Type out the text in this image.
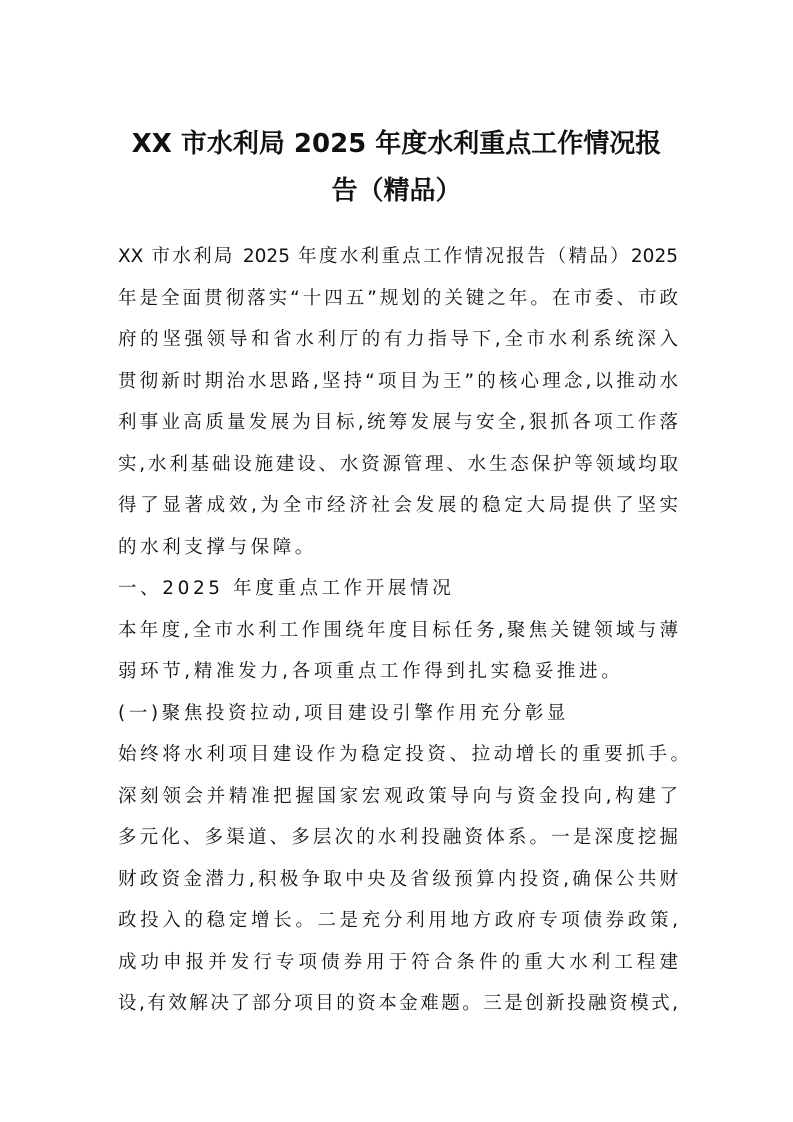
XX 市水利局 2025 年度水利重点工作情况报
告（精品）
XX 市水利局 2025 年度水利重点工作情况报告（精品）2025
年是全面贯彻落实“十四五”规划的关键之年。在市委、市政
府的坚强领导和省水利厅的有力指导下,全市水利系统深入
贯彻新时期治水思路,坚持“项目为王”的核心理念,以推动水
利事业高质量发展为目标,统筹发展与安全,狠抓各项工作落
实,水利基础设施建设、水资源管理、水生态保护等领域均取
得了显著成效,为全市经济社会发展的稳定大局提供了坚实
的水利支撑与保障。
一、2025 年度重点工作开展情况
本年度,全市水利工作围绕年度目标任务,聚焦关键领域与薄
弱环节,精准发力,各项重点工作得到扎实稳妥推进。
(一)聚焦投资拉动,项目建设引擎作用充分彰显
始终将水利项目建设作为稳定投资、拉动增长的重要抓手。
深刻领会并精准把握国家宏观政策导向与资金投向,构建了
多元化、多渠道、多层次的水利投融资体系。一是深度挖掘
财政资金潜力,积极争取中央及省级预算内投资,确保公共财
政投入的稳定增长。二是充分利用地方政府专项债券政策,
成功申报并发行专项债券用于符合条件的重大水利工程建
设,有效解决了部分项目的资本金难题。三是创新投融资模式,
